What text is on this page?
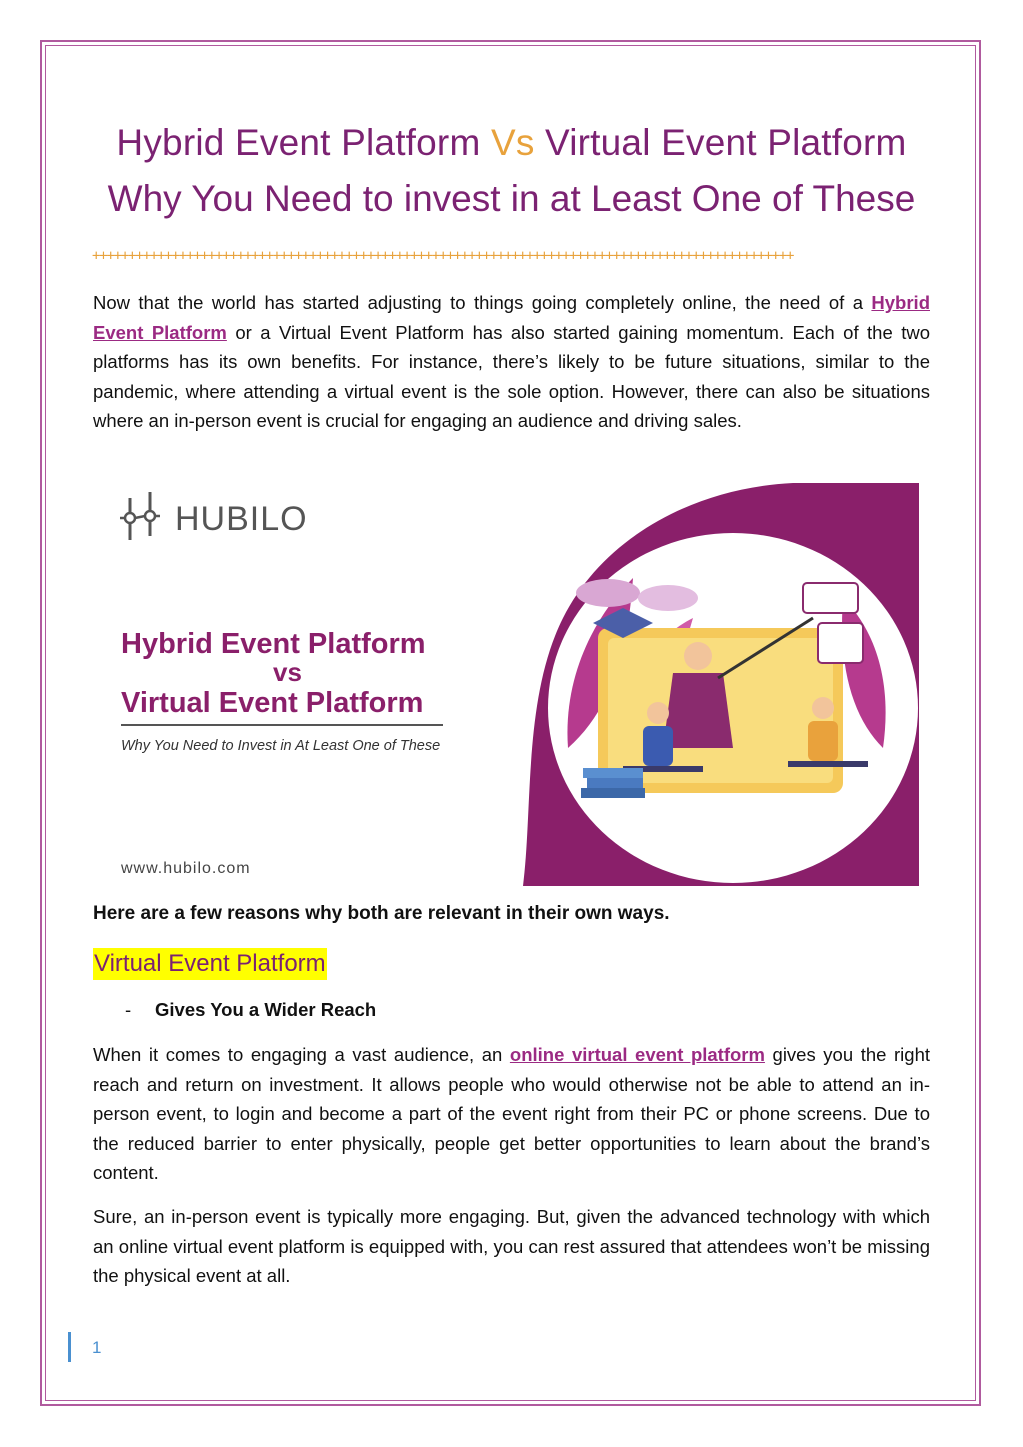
Hybrid Event Platform Vs Virtual Event Platform
Why You Need to invest in at Least One of These
+++++++++++++++++++++++++++++++++++++++++++++++++++++++++++++++++++++++++++++++++++++++++++++++++
Now that the world has started adjusting to things going completely online, the need of a Hybrid Event Platform or a Virtual Event Platform has also started gaining momentum. Each of the two platforms has its own benefits. For instance, there’s likely to be future situations, similar to the pandemic, where attending a virtual event is the sole option. However, there can also be situations where an in-person event is crucial for engaging an audience and driving sales.
HUBILO
Hybrid Event Platform
vs
Virtual Event Platform
Why You Need to Invest in At Least One of These
www.hubilo.com
Here are a few reasons why both are relevant in their own ways.
Virtual Event Platform
- Gives You a Wider Reach
When it comes to engaging a vast audience, an online virtual event platform gives you the right reach and return on investment. It allows people who would otherwise not be able to attend an in-person event, to login and become a part of the event right from their PC or phone screens. Due to the reduced barrier to enter physically, people get better opportunities to learn about the brand’s content.
Sure, an in-person event is typically more engaging. But, given the advanced technology with which an online virtual event platform is equipped with, you can rest assured that attendees won’t be missing the physical event at all.
1
